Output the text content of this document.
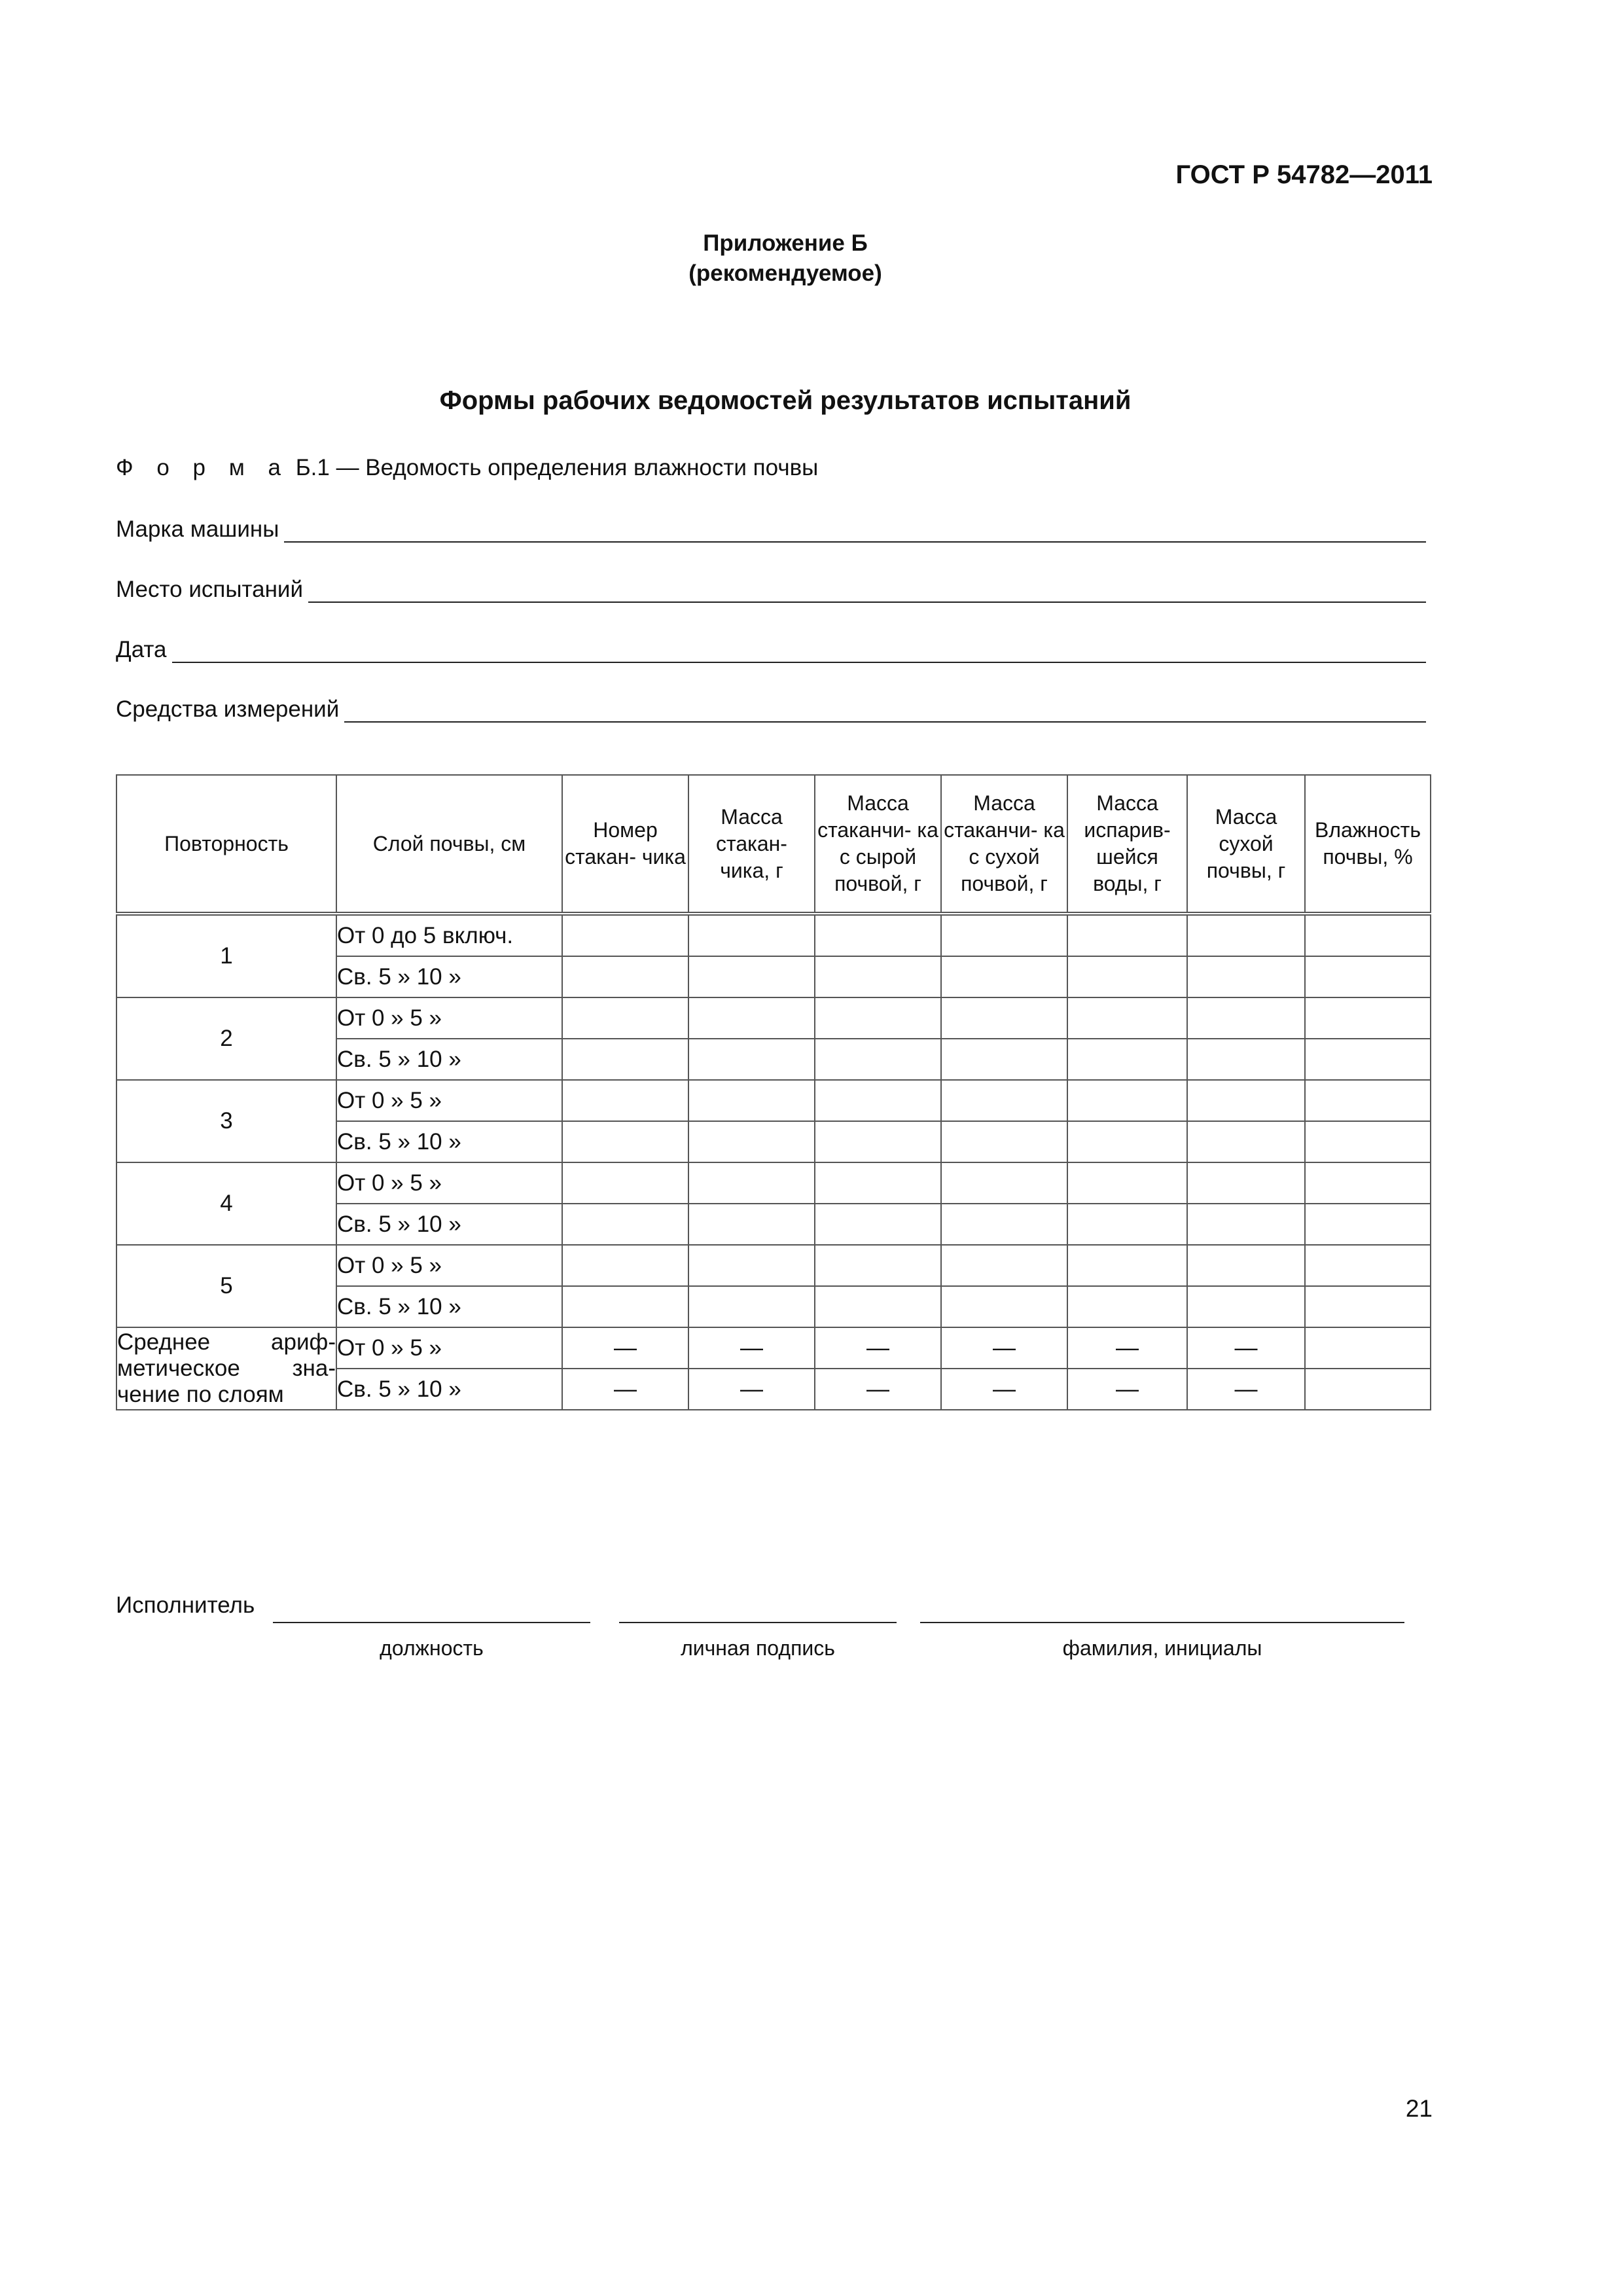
ГОСТ Р 54782—2011
Приложение Б
(рекомендуемое)
Формы рабочих ведомостей результатов испытаний
Ф о р м а Б.1 — Ведомость определения влажности почвы
Марка машины
Место испытаний
Дата
Средства измерений
Повторность	Слой почвы, см	Номер стакан- чика	Масса стакан- чика, г	Масса стаканчи- ка с сырой почвой, г	Масса стаканчи- ка с сухой почвой, г	Масса испарив- шейся воды, г	Масса сухой почвы, г	Влажность почвы, %
1	От 0 до 5 включ.							
	Св. 5 » 10 »							
2	От 0 » 5 »							
	Св. 5 » 10 »							
3	От 0 » 5 »							
	Св. 5 » 10 »							
4	От 0 » 5 »							
	Св. 5 » 10 »							
5	От 0 » 5 »							
	Св. 5 » 10 »							
Среднее ариф-метическое зна-чение по слоям	От 0 » 5 »	—	—	—	—	—	—	
	Св. 5 » 10 »	—	—	—	—	—	—	
Исполнитель
должность	личная подпись	фамилия, инициалы
21
